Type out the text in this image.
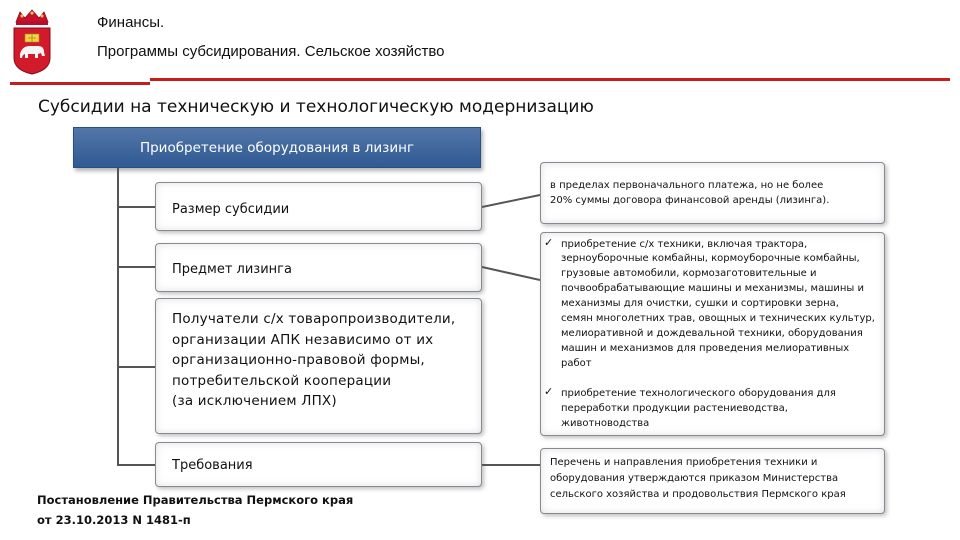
Финансы.
Программы субсидирования. Сельское хозяйство
Субсидии на техническую и технологическую модернизацию
Приобретение оборудования в лизинг
Размер субсидии
Предмет лизинга
Получатели с/х товаропроизводители,
организации АПК независимо от их
организационно-правовой формы,
потребительской кооперации
(за исключением ЛПХ)
Требования
в пределах первоначального платежа, но не более
20% суммы договора финансовой аренды (лизинга).
✓ приобретение с/х техники, включая трактора,
зерноуборочные комбайны, кормоуборочные комбайны,
грузовые автомобили, кормозаготовительные и
почвообрабатывающие машины и механизмы, машины и
механизмы для очистки, сушки и сортировки зерна,
семян многолетних трав, овощных и технических культур,
мелиоративной и дождевальной техники, оборудования
машин и механизмов для проведения мелиоративных
работ
✓ приобретение технологического оборудования для
переработки продукции растениеводства,
животноводства
Перечень и направления приобретения техники и
оборудования утверждаются приказом Министерства
сельского хозяйства и продовольствия Пермского края
Постановление Правительства Пермского края
от 23.10.2013 N 1481-п
